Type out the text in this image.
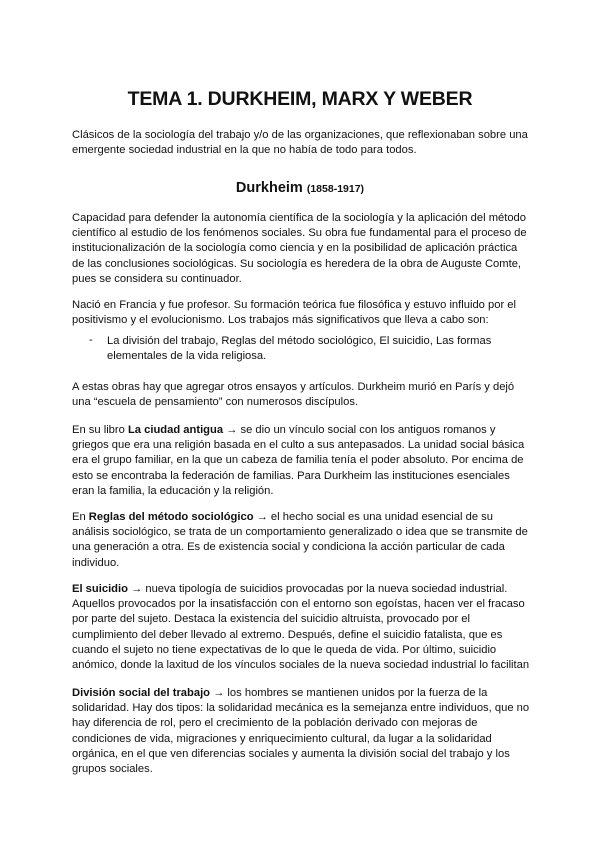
TEMA 1. DURKHEIM, MARX Y WEBER

Clásicos de la sociología del trabajo y/o de las organizaciones, que reflexionaban sobre una emergente sociedad industrial en la que no había de todo para todos.

Durkheim (1858-1917)

Capacidad para defender la autonomía científica de la sociología y la aplicación del método científico al estudio de los fenómenos sociales. Su obra fue fundamental para el proceso de institucionalización de la sociología como ciencia y en la posibilidad de aplicación práctica de las conclusiones sociológicas. Su sociología es heredera de la obra de Auguste Comte, pues se considera su continuador.

Nació en Francia y fue profesor. Su formación teórica fue filosófica y estuvo influido por el positivismo y el evolucionismo. Los trabajos más significativos que lleva a cabo son:

- La división del trabajo, Reglas del método sociológico, El suicidio, Las formas elementales de la vida religiosa.

A estas obras hay que agregar otros ensayos y artículos. Durkheim murió en París y dejó una “escuela de pensamiento” con numerosos discípulos.

En su libro La ciudad antigua → se dio un vínculo social con los antiguos romanos y griegos que era una religión basada en el culto a sus antepasados. La unidad social básica era el grupo familiar, en la que un cabeza de familia tenía el poder absoluto. Por encima de esto se encontraba la federación de familias. Para Durkheim las instituciones esenciales eran la familia, la educación y la religión.

En Reglas del método sociológico → el hecho social es una unidad esencial de su análisis sociológico, se trata de un comportamiento generalizado o idea que se transmite de una generación a otra. Es de existencia social y condiciona la acción particular de cada individuo.

El suicidio → nueva tipología de suicidios provocadas por la nueva sociedad industrial. Aquellos provocados por la insatisfacción con el entorno son egoístas, hacen ver el fracaso por parte del sujeto. Destaca la existencia del suicidio altruista, provocado por el cumplimiento del deber llevado al extremo. Después, define el suicidio fatalista, que es cuando el sujeto no tiene expectativas de lo que le queda de vida. Por último, suicidio anómico, donde la laxitud de los vínculos sociales de la nueva sociedad industrial lo facilitan

División social del trabajo → los hombres se mantienen unidos por la fuerza de la solidaridad. Hay dos tipos: la solidaridad mecánica es la semejanza entre individuos, que no hay diferencia de rol, pero el crecimiento de la población derivado con mejoras de condiciones de vida, migraciones y enriquecimiento cultural, da lugar a la solidaridad orgánica, en el que ven diferencias sociales y aumenta la división social del trabajo y los grupos sociales.
